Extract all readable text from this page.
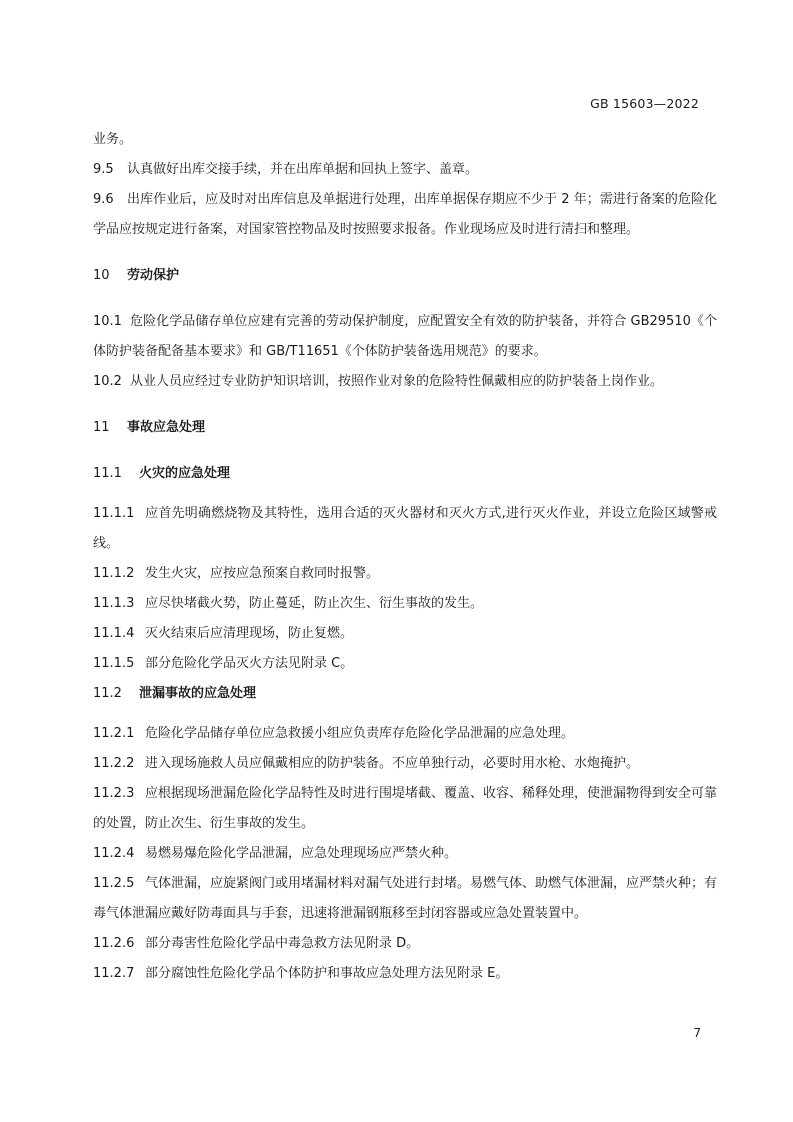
GB 15603—2022

业务。

9.5 认真做好出库交接手续，并在出库单据和回执上签字、盖章。

9.6 出库作业后，应及时对出库信息及单据进行处理，出库单据保存期应不少于 2 年；需进行备案的危险化学品应按规定进行备案，对国家管控物品及时按照要求报备。作业现场应及时进行清扫和整理。

10 劳动保护

10.1 危险化学品储存单位应建有完善的劳动保护制度，应配置安全有效的防护装备，并符合 GB29510《个体防护装备配备基本要求》和 GB/T11651《个体防护装备选用规范》的要求。

10.2 从业人员应经过专业防护知识培训，按照作业对象的危险特性佩戴相应的防护装备上岗作业。

11 事故应急处理

11.1 火灾的应急处理

11.1.1 应首先明确燃烧物及其特性，选用合适的灭火器材和灭火方式,进行灭火作业，并设立危险区域警戒线。

11.1.2 发生火灾，应按应急预案自救同时报警。

11.1.3 应尽快堵截火势，防止蔓延，防止次生、衍生事故的发生。

11.1.4 灭火结束后应清理现场，防止复燃。

11.1.5 部分危险化学品灭火方法见附录 C。

11.2 泄漏事故的应急处理

11.2.1 危险化学品储存单位应急救援小组应负责库存危险化学品泄漏的应急处理。

11.2.2 进入现场施救人员应佩戴相应的防护装备。不应单独行动，必要时用水枪、水炮掩护。

11.2.3 应根据现场泄漏危险化学品特性及时进行围堤堵截、覆盖、收容、稀释处理，使泄漏物得到安全可靠的处置，防止次生、衍生事故的发生。

11.2.4 易燃易爆危险化学品泄漏，应急处理现场应严禁火种。

11.2.5 气体泄漏，应旋紧阀门或用堵漏材料对漏气处进行封堵。易燃气体、助燃气体泄漏，应严禁火种；有毒气体泄漏应戴好防毒面具与手套，迅速将泄漏钢瓶移至封闭容器或应急处置装置中。

11.2.6 部分毒害性危险化学品中毒急救方法见附录 D。

11.2.7 部分腐蚀性危险化学品个体防护和事故应急处理方法见附录 E。

7
